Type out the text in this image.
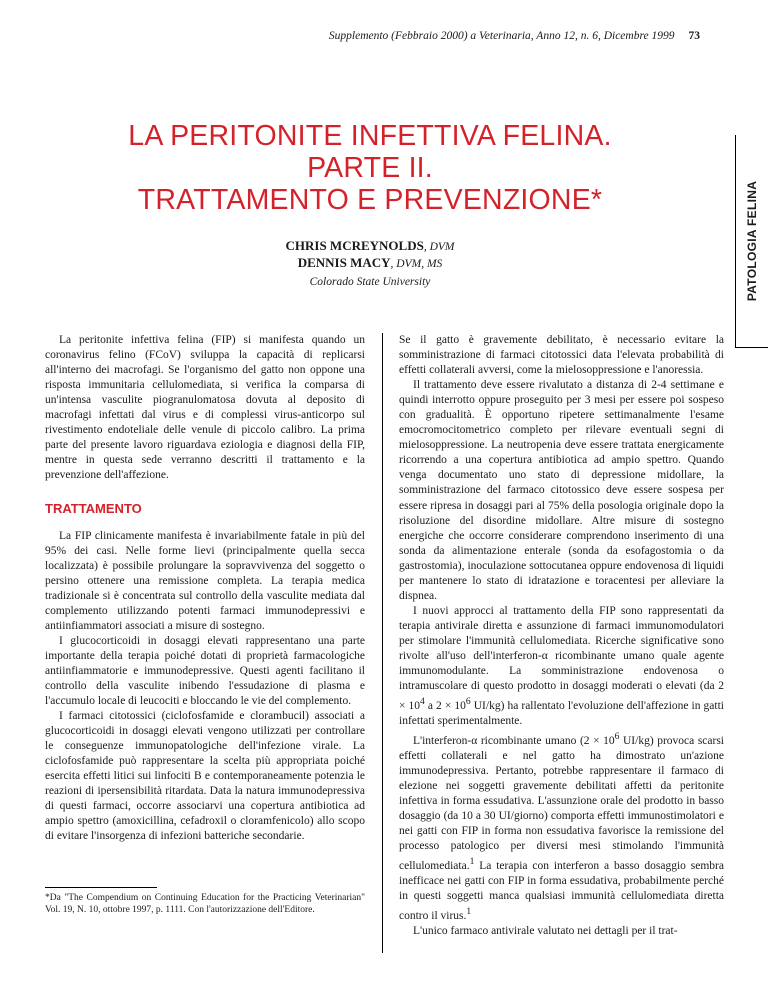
Supplemento (Febbraio 2000) a Veterinaria, Anno 12, n. 6, Dicembre 1999 73
LA PERITONITE INFETTIVA FELINA.
PARTE II.
TRATTAMENTO E PREVENZIONE*	PATOLOGIA FELINA
CHRIS MCREYNOLDS, DVM
DENNIS MACY, DVM, MS
Colorado State University

La peritonite infettiva felina (FIP) si manifesta quando un coronavirus felino (FCoV) sviluppa la capacità di replicarsi all'interno dei macrofagi. Se l'organismo del gatto non oppone una risposta immunitaria cellulomediata, si verifica la comparsa di un'intensa vasculite piogranulomatosa dovuta al deposito di macrofagi infettati dal virus e di complessi virus-anticorpo sul rivestimento endoteliale delle venule di piccolo calibro. La prima parte del presente lavoro riguardava eziologia e diagnosi della FIP, mentre in questa sede verranno descritti il trattamento e la prevenzione dell'affezione.

TRATTAMENTO

La FIP clinicamente manifesta è invariabilmente fatale in più del 95% dei casi. Nelle forme lievi (principalmente quella secca localizzata) è possibile prolungare la sopravvivenza del soggetto o persino ottenere una remissione completa. La terapia medica tradizionale si è concentrata sul controllo della vasculite mediata dal complemento utilizzando potenti farmaci immunodepressivi e antiinfiammatori associati a misure di sostegno.

I glucocorticoidi in dosaggi elevati rappresentano una parte importante della terapia poiché dotati di proprietà farmacologiche antiinfiammatorie e immunodepressive. Questi agenti facilitano il controllo della vasculite inibendo l'essudazione di plasma e l'accumulo locale di leucociti e bloccando le vie del complemento.

I farmaci citotossici (ciclofosfamide e clorambucil) associati a glucocorticoidi in dosaggi elevati vengono utilizzati per controllare le conseguenze immunopatologiche dell'infezione virale. La ciclofosfamide può rappresentare la scelta più appropriata poiché esercita effetti litici sui linfociti B e contemporaneamente potenzia le reazioni di ipersensibilità ritardata. Data la natura immunodepressiva di questi farmaci, occorre associarvi una copertura antibiotica ad ampio spettro (amoxicillina, cefadroxil o cloramfenicolo) allo scopo di evitare l'insorgenza di infezioni batteriche secondarie.

*Da "The Compendium on Continuing Education for the Practicing Veterinarian" Vol. 19, N. 10, ottobre 1997, p. 1111. Con l'autorizzazione dell'Editore.

Se il gatto è gravemente debilitato, è necessario evitare la somministrazione di farmaci citotossici data l'elevata probabilità di effetti collaterali avversi, come la mielosoppressione e l'anoressia.

Il trattamento deve essere rivalutato a distanza di 2-4 settimane e quindi interrotto oppure proseguito per 3 mesi per essere poi sospeso con gradualità. È opportuno ripetere settimanalmente l'esame emocromocitometrico completo per rilevare eventuali segni di mielosoppressione. La neutropenia deve essere trattata energicamente ricorrendo a una copertura antibiotica ad ampio spettro. Quando venga documentato uno stato di depressione midollare, la somministrazione del farmaco citotossico deve essere sospesa per essere ripresa in dosaggi pari al 75% della posologia originale dopo la risoluzione del disordine midollare. Altre misure di sostegno energiche che occorre considerare comprendono inserimento di una sonda da alimentazione enterale (sonda da esofagostomia o da gastrostomia), inoculazione sottocutanea oppure endovenosa di liquidi per mantenere lo stato di idratazione e toracentesi per alleviare la dispnea.

I nuovi approcci al trattamento della FIP sono rappresentati da terapia antivirale diretta e assunzione di farmaci immunomodulatori per stimolare l'immunità cellulomediata. Ricerche significative sono rivolte all'uso dell'interferon-α ricombinante umano quale agente immunomodulante. La somministrazione endovenosa o intramuscolare di questo prodotto in dosaggi moderati o elevati (da $2 \times 10^4$ a $2 \times 10^6$ UI/kg) ha rallentato l'evoluzione dell'affezione in gatti infettati sperimentalmente.

L'interferon-α ricombinante umano ($2 \times 10^6$ UI/kg) provoca scarsi effetti collaterali e nel gatto ha dimostrato un'azione immunodepressiva. Pertanto, potrebbe rappresentare il farmaco di elezione nei soggetti gravemente debilitati affetti da peritonite infettiva in forma essudativa. L'assunzione orale del prodotto in basso dosaggio (da 10 a 30 UI/giorno) comporta effetti immunostimolatori e nei gatti con FIP in forma non essudativa favorisce la remissione del processo patologico per diversi mesi stimolando l'immunità cellulomediata.$^1$ La terapia con interferon a basso dosaggio sembra inefficace nei gatti con FIP in forma essudativa, probabilmente perché in questi soggetti manca qualsiasi immunità cellulomediata diretta contro il virus.$^1$

L'unico farmaco antivirale valutato nei dettagli per il trat-
